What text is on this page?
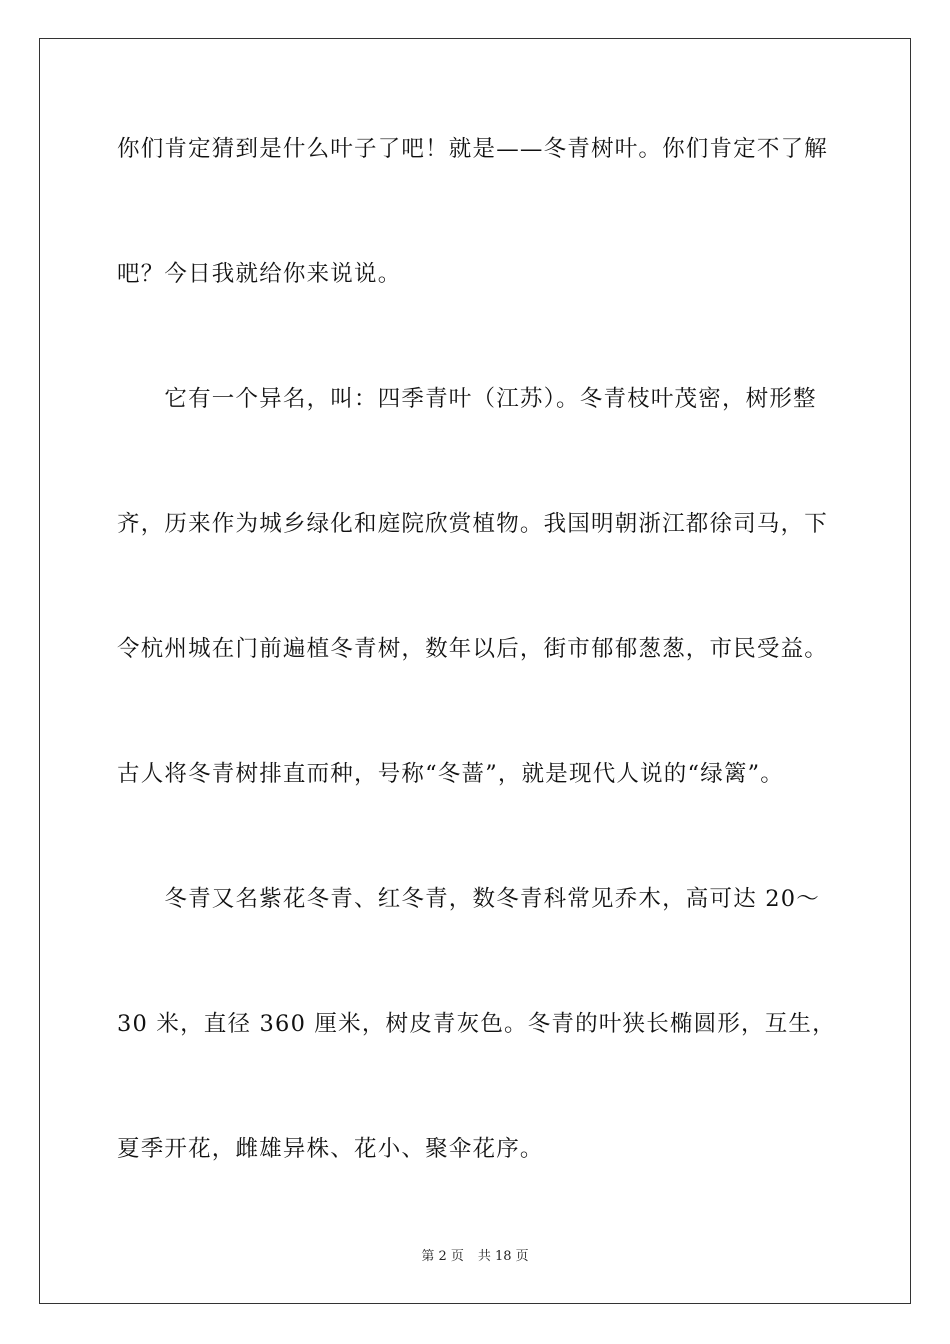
你们肯定猜到是什么叶子了吧！就是——冬青树叶。你们肯定不了解
吧？今日我就给你来说说。
　　它有一个异名，叫：四季青叶（江苏）。冬青枝叶茂密，树形整
齐，历来作为城乡绿化和庭院欣赏植物。我国明朝浙江都徐司马，下
令杭州城在门前遍植冬青树，数年以后，街市郁郁葱葱，市民受益。
古人将冬青树排直而种，号称“冬蔷”，就是现代人说的“绿篱”。
　　冬青又名紫花冬青、红冬青，数冬青科常见乔木，高可达 20～
30 米，直径 360 厘米，树皮青灰色。冬青的叶狭长椭圆形，互生，
夏季开花，雌雄异株、花小、聚伞花序。
第 2 页 共 18 页
